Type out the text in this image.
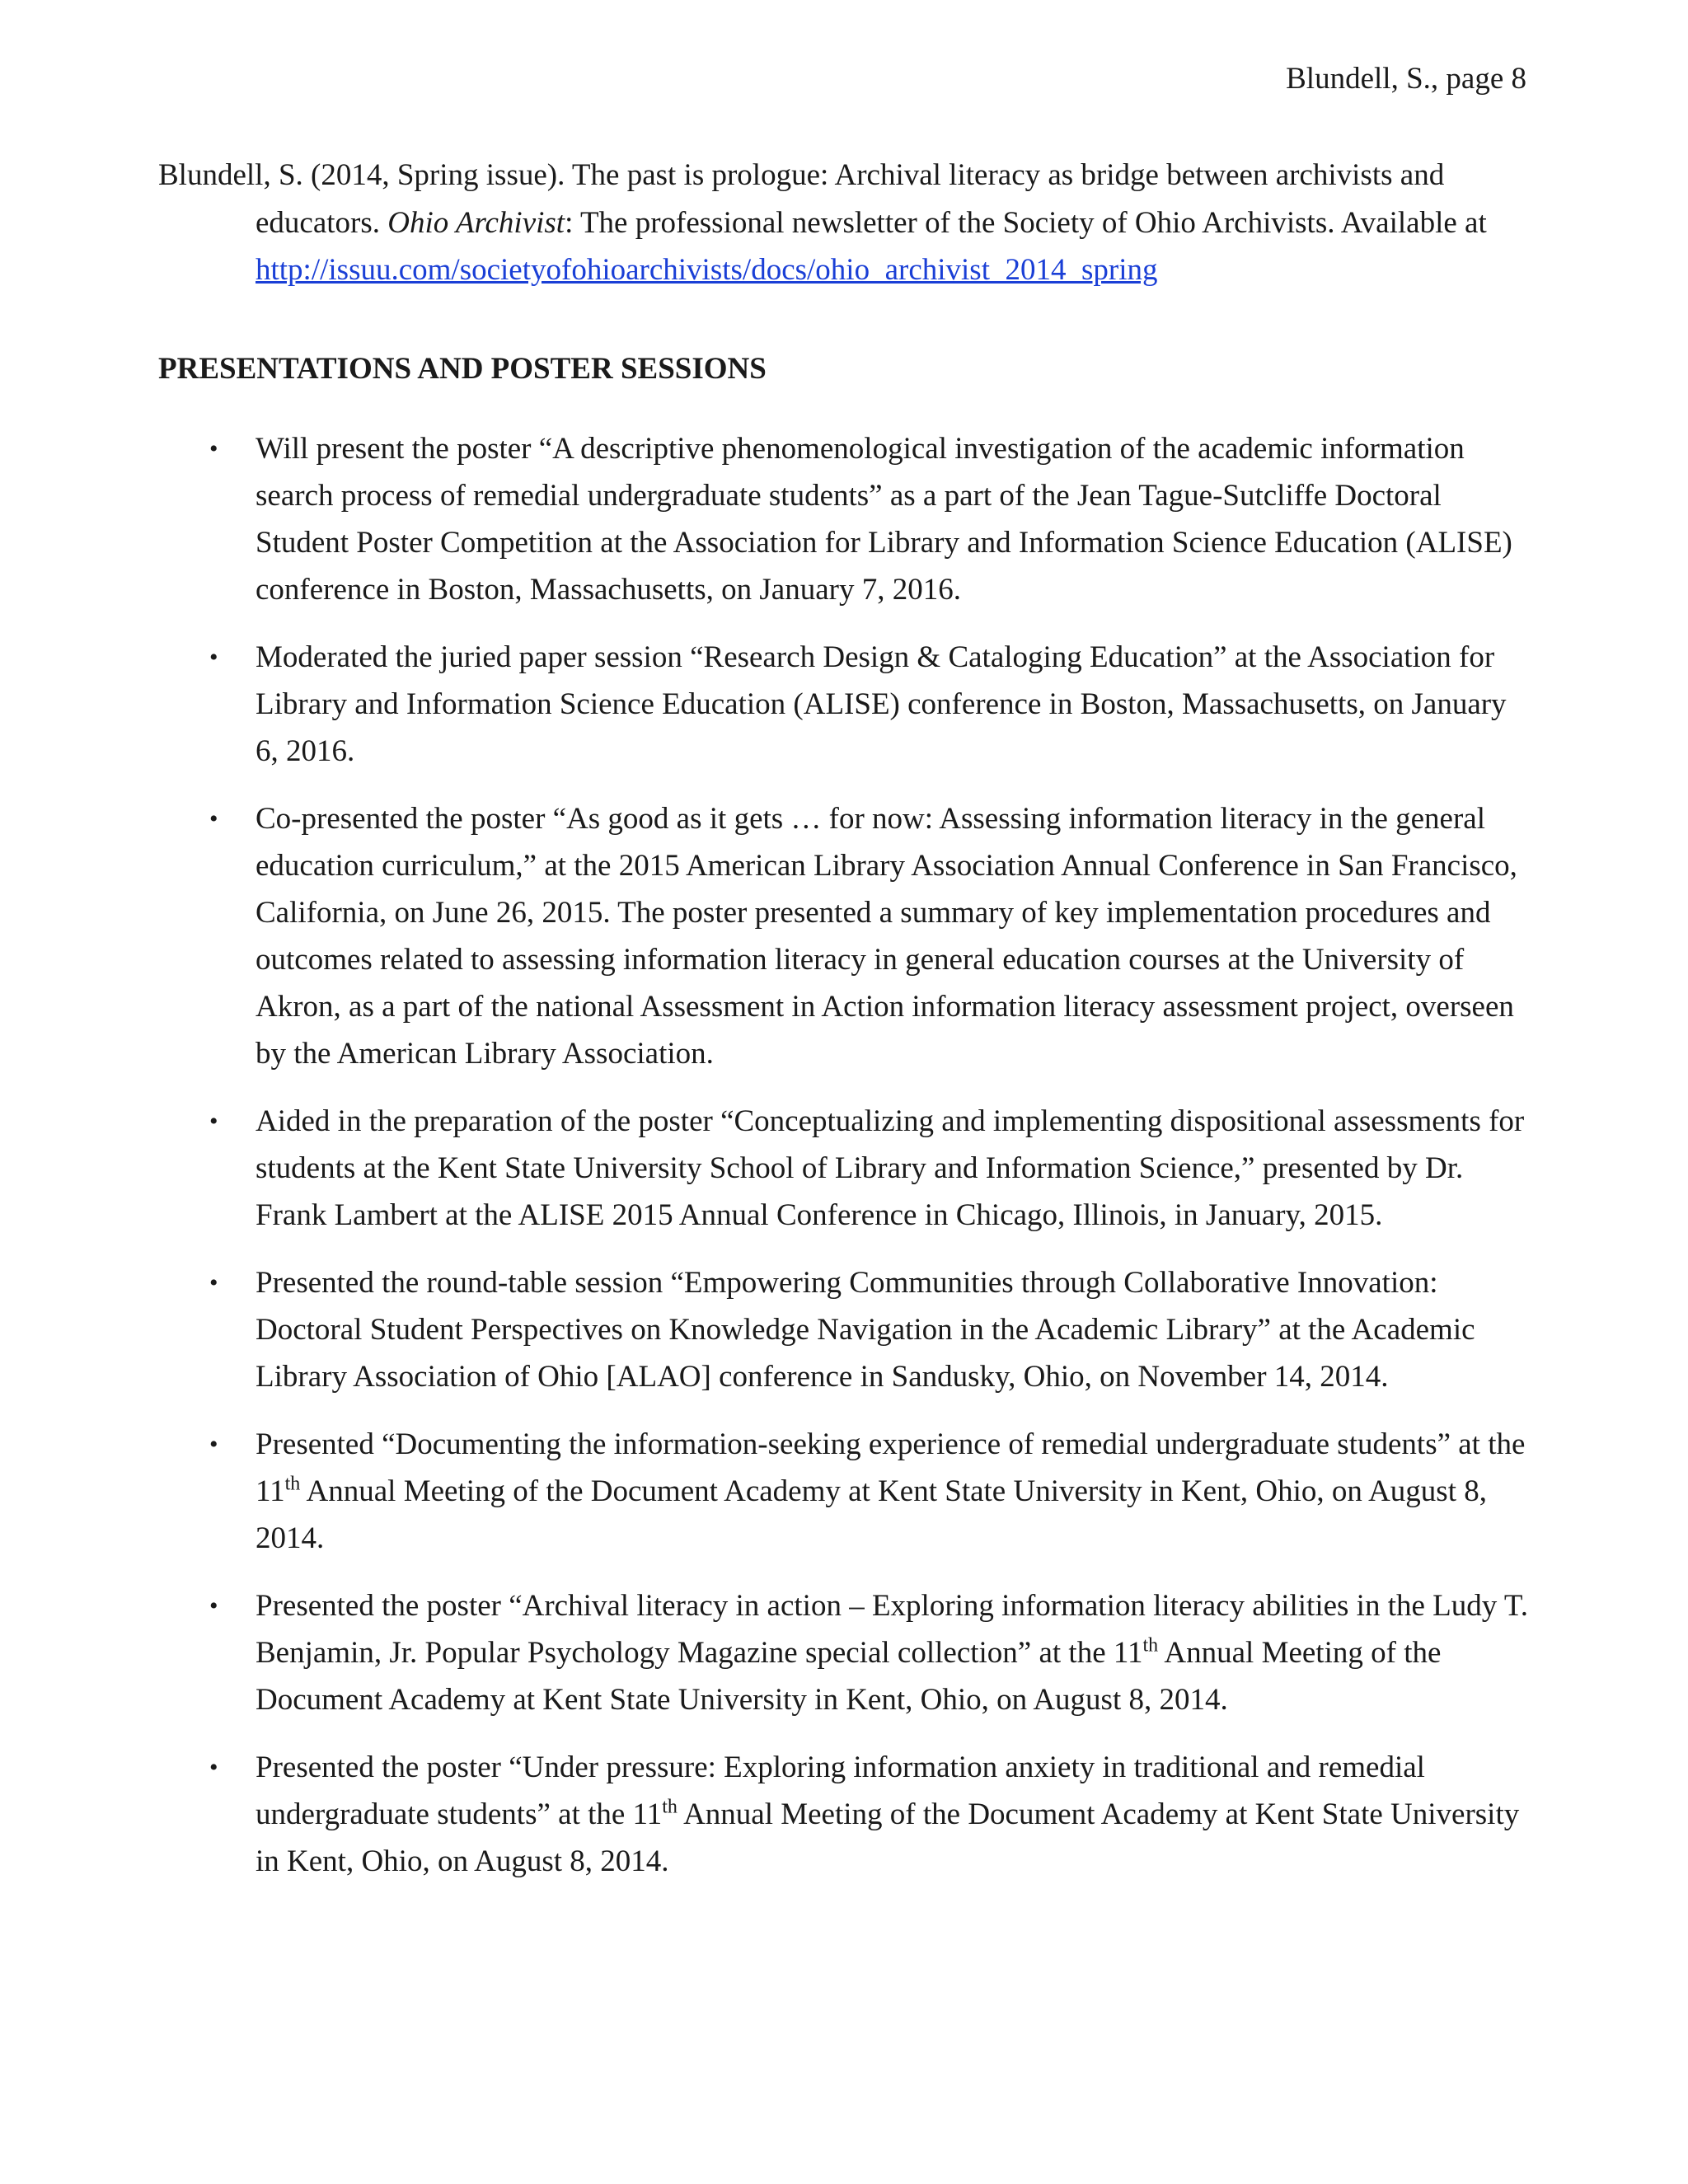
Blundell, S., page 8

Blundell, S. (2014, Spring issue). The past is prologue: Archival literacy as bridge between archivists and educators. Ohio Archivist: The professional newsletter of the Society of Ohio Archivists. Available at http://issuu.com/societyofohioarchivists/docs/ohio_archivist_2014_spring

PRESENTATIONS AND POSTER SESSIONS
• Will present the poster “A descriptive phenomenological investigation of the academic information search process of remedial undergraduate students” as a part of the Jean Tague-Sutcliffe Doctoral Student Poster Competition at the Association for Library and Information Science Education (ALISE) conference in Boston, Massachusetts, on January 7, 2016.
• Moderated the juried paper session “Research Design & Cataloging Education” at the Association for Library and Information Science Education (ALISE) conference in Boston, Massachusetts, on January 6, 2016.
• Co-presented the poster “As good as it gets … for now: Assessing information literacy in the general education curriculum,” at the 2015 American Library Association Annual Conference in San Francisco, California, on June 26, 2015. The poster presented a summary of key implementation procedures and outcomes related to assessing information literacy in general education courses at the University of Akron, as a part of the national Assessment in Action information literacy assessment project, overseen by the American Library Association.
• Aided in the preparation of the poster “Conceptualizing and implementing dispositional assessments for students at the Kent State University School of Library and Information Science,” presented by Dr. Frank Lambert at the ALISE 2015 Annual Conference in Chicago, Illinois, in January, 2015.
• Presented the round-table session “Empowering Communities through Collaborative Innovation: Doctoral Student Perspectives on Knowledge Navigation in the Academic Library” at the Academic Library Association of Ohio [ALAO] conference in Sandusky, Ohio, on November 14, 2014.
• Presented “Documenting the information-seeking experience of remedial undergraduate students” at the 11th Annual Meeting of the Document Academy at Kent State University in Kent, Ohio, on August 8, 2014.
• Presented the poster “Archival literacy in action – Exploring information literacy abilities in the Ludy T. Benjamin, Jr. Popular Psychology Magazine special collection” at the 11th Annual Meeting of the Document Academy at Kent State University in Kent, Ohio, on August 8, 2014.
• Presented the poster “Under pressure: Exploring information anxiety in traditional and remedial undergraduate students” at the 11th Annual Meeting of the Document Academy at Kent State University in Kent, Ohio, on August 8, 2014.
